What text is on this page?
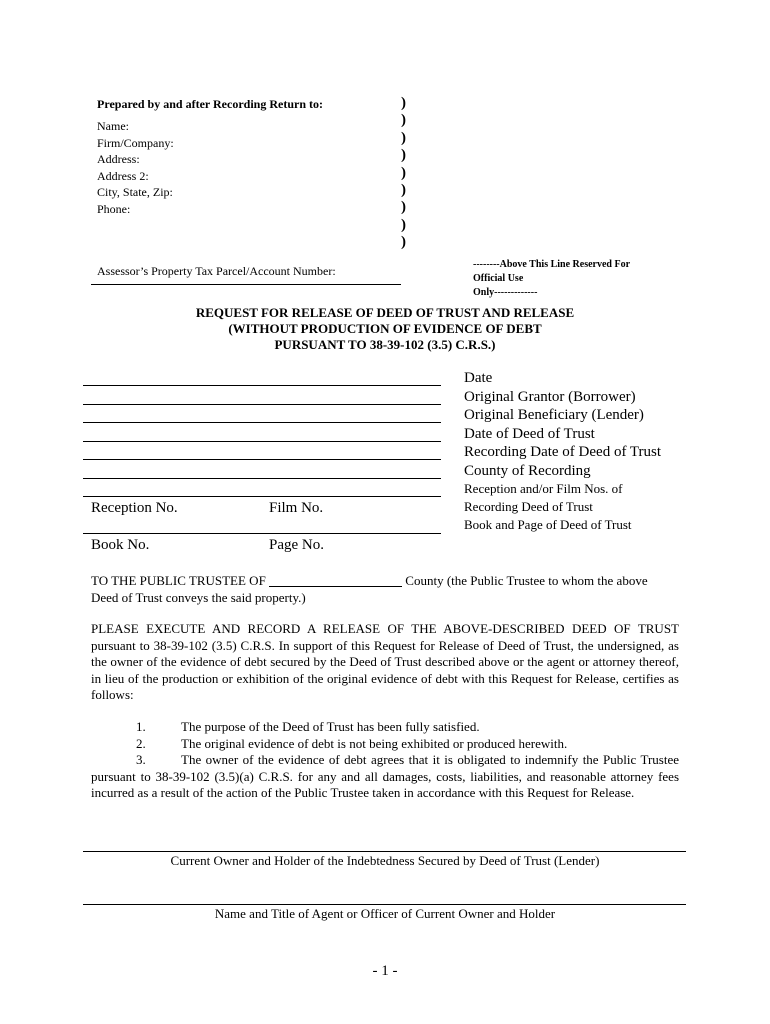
Prepared by and after Recording Return to:
Name:
Firm/Company:
Address:
Address 2:
City, State, Zip:
Phone:
)
)
)
)
)
)
)
)
)
--------Above This Line Reserved For Official Use
Only-------------
Assessor’s Property Tax Parcel/Account Number:
REQUEST FOR RELEASE OF DEED OF TRUST AND RELEASE
(WITHOUT PRODUCTION OF EVIDENCE OF DEBT
PURSUANT TO 38-39-102 (3.5) C.R.S.)
Reception No.	Film No.
Book No.	Page No.
Date
Original Grantor (Borrower)
Original Beneficiary (Lender)
Date of Deed of Trust
Recording Date of Deed of Trust
County of Recording
Reception and/or Film Nos. of
Recording Deed of Trust
Book and Page of Deed of Trust
TO THE PUBLIC TRUSTEE OF	County (the Public Trustee to whom the above
Deed of Trust conveys the said property.)
PLEASE EXECUTE AND RECORD A RELEASE OF THE ABOVE-DESCRIBED DEED OF TRUST pursuant to 38-39-102 (3.5) C.R.S. In support of this Request for Release of Deed of Trust, the undersigned, as the owner of the evidence of debt secured by the Deed of Trust described above or the agent or attorney thereof, in lieu of the production or exhibition of the original evidence of debt with this Request for Release, certifies as follows:
1.	The purpose of the Deed of Trust has been fully satisfied.
2.	The original evidence of debt is not being exhibited or produced herewith.
3.	The owner of the evidence of debt agrees that it is obligated to indemnify the Public Trustee pursuant to 38-39-102 (3.5)(a) C.R.S. for any and all damages, costs, liabilities, and reasonable attorney fees incurred as a result of the action of the Public Trustee taken in accordance with this Request for Release.
Current Owner and Holder of the Indebtedness Secured by Deed of Trust (Lender)
Name and Title of Agent or Officer of Current Owner and Holder
- 1 -
